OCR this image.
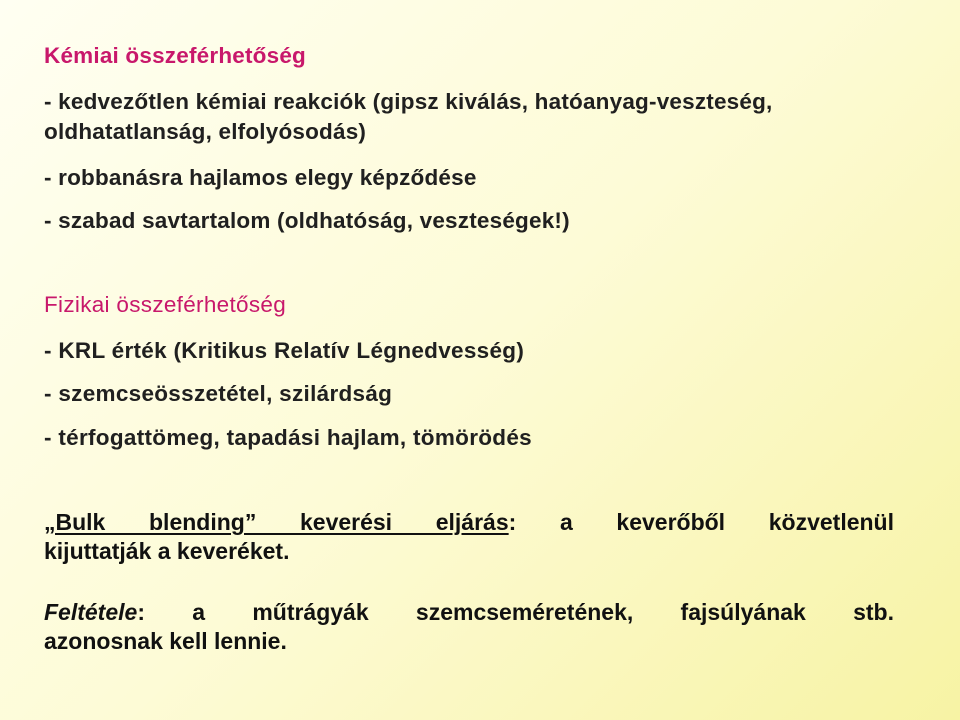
Kémiai összeférhetőség
- kedvezőtlen kémiai reakciók (gipsz kiválás, hatóanyag-veszteség,
oldhatatlanság, elfolyósodás)
- robbanásra hajlamos elegy képződése
- szabad savtartalom (oldhatóság, veszteségek!)
Fizikai összeférhetőség
- KRL érték (Kritikus Relatív Légnedvesség)
- szemcseösszetétel, szilárdság
- térfogattömeg, tapadási hajlam, tömörödés
„Bulk blending” keverési eljárás: a keverőből közvetlenül
kijuttatják a keveréket.
Feltétele: a műtrágyák szemcseméretének, fajsúlyának stb.
azonosnak kell lennie.
